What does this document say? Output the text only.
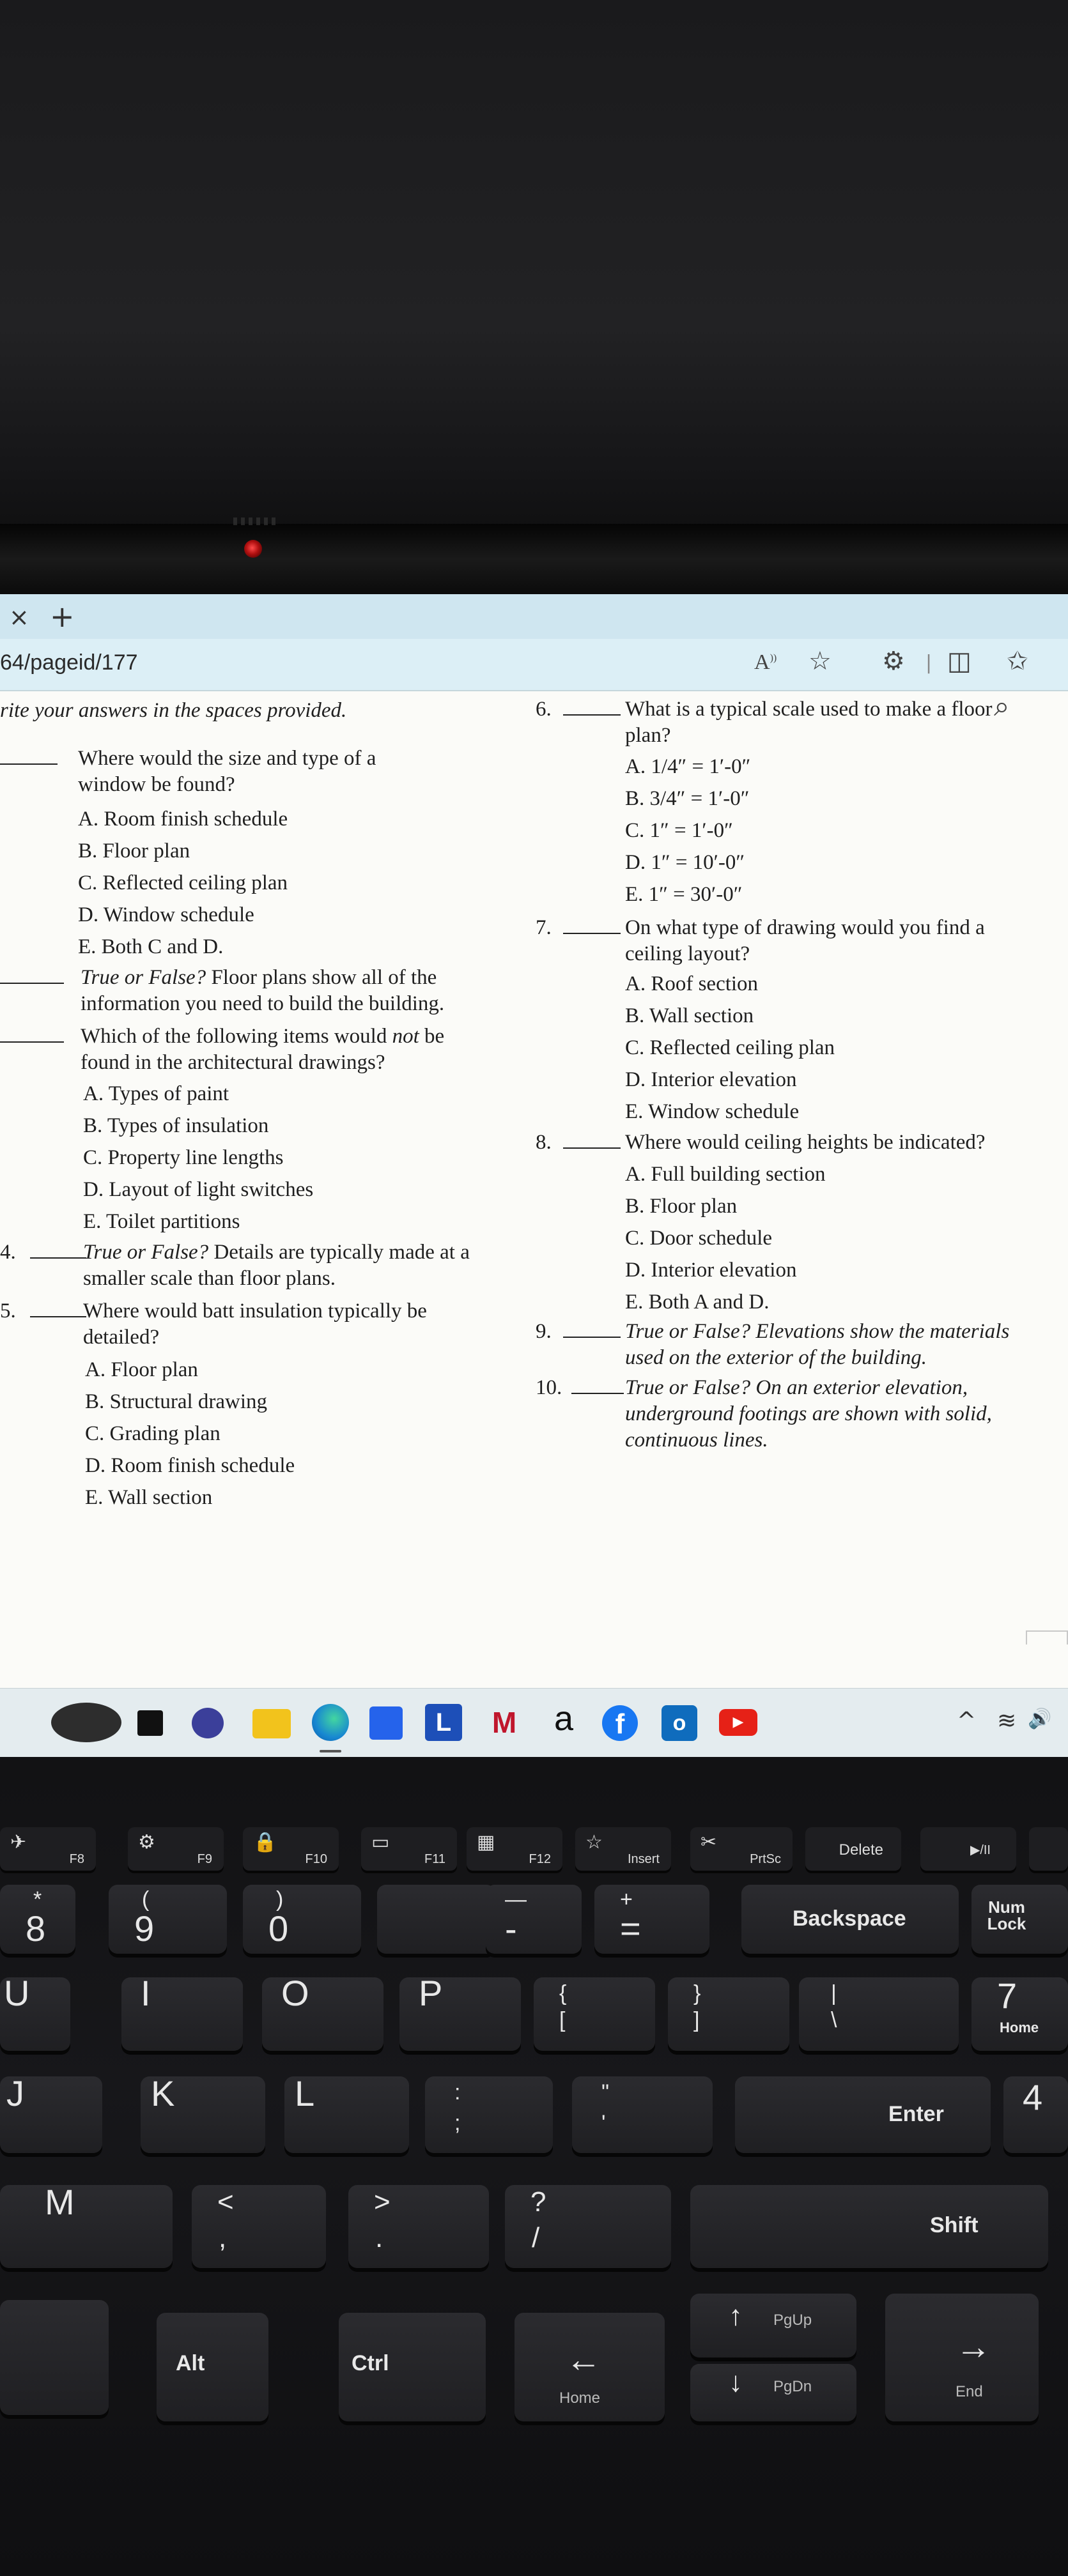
× +
64/pageid/177	A)) ☆ ⚙ | ◫ ✩
⌕
rite your answers in the spaces provided.
Where would the size and type of a window be found?
A. Room finish schedule
B. Floor plan
C. Reflected ceiling plan
D. Window schedule
E. Both C and D.
True or False? Floor plans show all of the information you need to build the building.
Which of the following items would not be found in the architectural drawings?
A. Types of paint
B. Types of insulation
C. Property line lengths
D. Layout of light switches
E. Toilet partitions
4.	True or False? Details are typically made at a smaller scale than floor plans.
5.	Where would batt insulation typically be detailed?
A. Floor plan
B. Structural drawing
C. Grading plan
D. Room finish schedule
E. Wall section
6.	What is a typical scale used to make a floor plan?
A. 1/4″ = 1′-0″
B. 3/4″ = 1′-0″
C. 1″ = 1′-0″
D. 1″ = 10′-0″
E. 1″ = 30′-0″
7.	On what type of drawing would you find a ceiling layout?
A. Roof section
B. Wall section
C. Reflected ceiling plan
D. Interior elevation
E. Window schedule
8.	Where would ceiling heights be indicated?
A. Full building section
B. Floor plan
C. Door schedule
D. Interior elevation
E. Both A and D.
9.	True or False? Elevations show the materials used on the exterior of the building.
10.	True or False? On an exterior elevation, underground footings are shown with solid, continuous lines.
L	M a	f	o	▶	^ ≋ 🔊
✈
F8
⚙
F9
🔒
F10
▭
F11
▦
F12
☆
Insert
✂
PrtSc
Delete	▶/II
*
8
(
9
)
0
—
-
+
=	Backspace	Num Lock
U	I	O	P	{
[
}
]
|
\
7
Home
J	K	L	:
;
"
'	Enter 4
M	<
,
>
.
?
/	Shift
Alt	Ctrl	←
Home
↑ PgUp
↓ PgDn
→
End
